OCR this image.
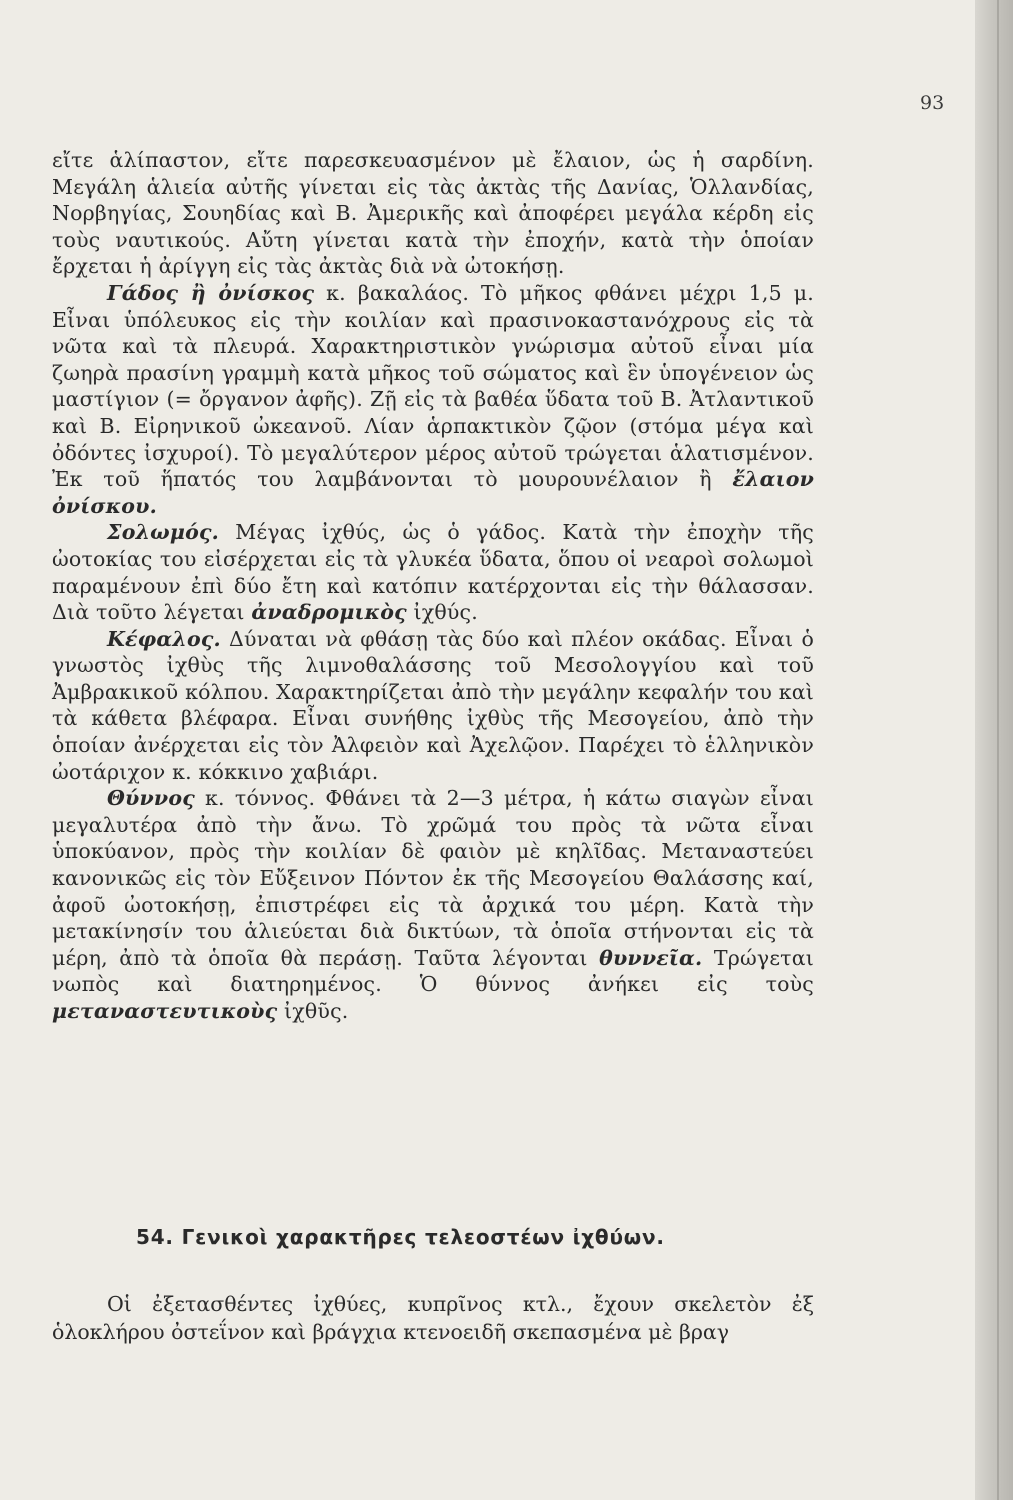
93

εἴτε ἁλίπαστον, εἴτε παρεσκευασμένον μὲ ἔλαιον, ὡς ἡ σαρδίνη. Μεγάλη ἁλιεία αὐτῆς γίνεται εἰς τὰς ἀκτὰς τῆς Δανίας, Ὁλλανδίας, Νορβηγίας, Σουηδίας καὶ Β. Ἀμερικῆς καὶ ἀποφέρει μεγάλα κέρδη εἰς τοὺς ναυτικούς. Αὔτη γίνεται κατὰ τὴν ἐποχήν, κατὰ τὴν ὁποίαν ἔρχεται ἡ ἀρίγγη εἰς τὰς ἀκτὰς διὰ νὰ ὠτοκήσῃ.

Γάδος ἢ ὀνίσκος κ. βακαλάος. Τὸ μῆκος φθάνει μέχρι 1,5 μ. Εἶναι ὑπόλευκος εἰς τὴν κοιλίαν καὶ πρασινοκαστανόχρους εἰς τὰ νῶτα καὶ τὰ πλευρά. Χαρακτηριστικὸν γνώρισμα αὐτοῦ εἶναι μία ζωηρὰ πρασίνη γραμμὴ κατὰ μῆκος τοῦ σώματος καὶ ἓν ὑπογένειον ὡς μαστίγιον (= ὄργανον ἀφῆς). Ζῇ εἰς τὰ βαθέα ὕδατα τοῦ Β. Ἀτλαντικοῦ καὶ Β. Εἰρηνικοῦ ὠκεανοῦ. Λίαν ἁρπακτικὸν ζῷον (στόμα μέγα καὶ ὀδόντες ἰσχυροί). Τὸ μεγαλύτερον μέρος αὐτοῦ τρώγεται ἁλατισμένον. Ἐκ τοῦ ἥπατός του λαμβάνονται τὸ μουρουνέλαιον ἢ ἔλαιον ὀνίσκου.

Σολωμός. Μέγας ἰχθύς, ὡς ὁ γάδος. Κατὰ τὴν ἐποχὴν τῆς ὠοτοκίας του εἰσέρχεται εἰς τὰ γλυκέα ὕδατα, ὅπου οἱ νεαροὶ σολωμοὶ παραμένουν ἐπὶ δύο ἔτη καὶ κατόπιν κατέρχονται εἰς τὴν θάλασσαν. Διὰ τοῦτο λέγεται ἀναδρομικὸς ἰχθύς.

Κέφαλος. Δύναται νὰ φθάσῃ τὰς δύο καὶ πλέον οκάδας. Εἶναι ὁ γνωστὸς ἰχθὺς τῆς λιμνοθαλάσσης τοῦ Μεσολογγίου καὶ τοῦ Ἀμβρακικοῦ κόλπου. Χαρακτηρίζεται ἀπὸ τὴν μεγάλην κεφαλήν του καὶ τὰ κάθετα βλέφαρα. Εἶναι συνήθης ἰχθὺς τῆς Μεσογείου, ἀπὸ τὴν ὁποίαν ἀνέρχεται εἰς τὸν Ἀλφειὸν καὶ Ἀχελῷον. Παρέχει τὸ ἑλληνικὸν ὠοτάριχον κ. κόκκινο χαβιάρι.

Θύννος κ. τόννος. Φθάνει τὰ 2—3 μέτρα, ἡ κάτω σιαγὼν εἶναι μεγαλυτέρα ἀπὸ τὴν ἄνω. Τὸ χρῶμά του πρὸς τὰ νῶτα εἶναι ὑποκύανον, πρὸς τὴν κοιλίαν δὲ φαιὸν μὲ κηλῖδας. Μεταναστεύει κανονικῶς εἰς τὸν Εὔξεινον Πόντον ἐκ τῆς Μεσογείου Θαλάσσης καί, ἀφοῦ ὠοτοκήσῃ, ἐπιστρέφει εἰς τὰ ἀρχικά του μέρη. Κατὰ τὴν μετακίνησίν του ἁλιεύεται διὰ δικτύων, τὰ ὁποῖα στήνονται εἰς τὰ μέρη, ἀπὸ τὰ ὁποῖα θὰ περάσῃ. Ταῦτα λέγονται θυννεῖα. Τρώγεται νωπὸς καὶ διατηρημένος. Ὁ θύννος ἀνήκει εἰς τοὺς μεταναστευτικοὺς ἰχθῦς.

54. Γενικοὶ χαρακτῆρες τελεοστέων ἰχθύων.

Οἱ ἐξετασθέντες ἰχθύες, κυπρῖνος κτλ., ἔχουν σκελετὸν ἐξ ὁλοκλήρου ὀστεΐνον καὶ βράγχια κτενοειδῆ σκεπασμένα μὲ βραγ
